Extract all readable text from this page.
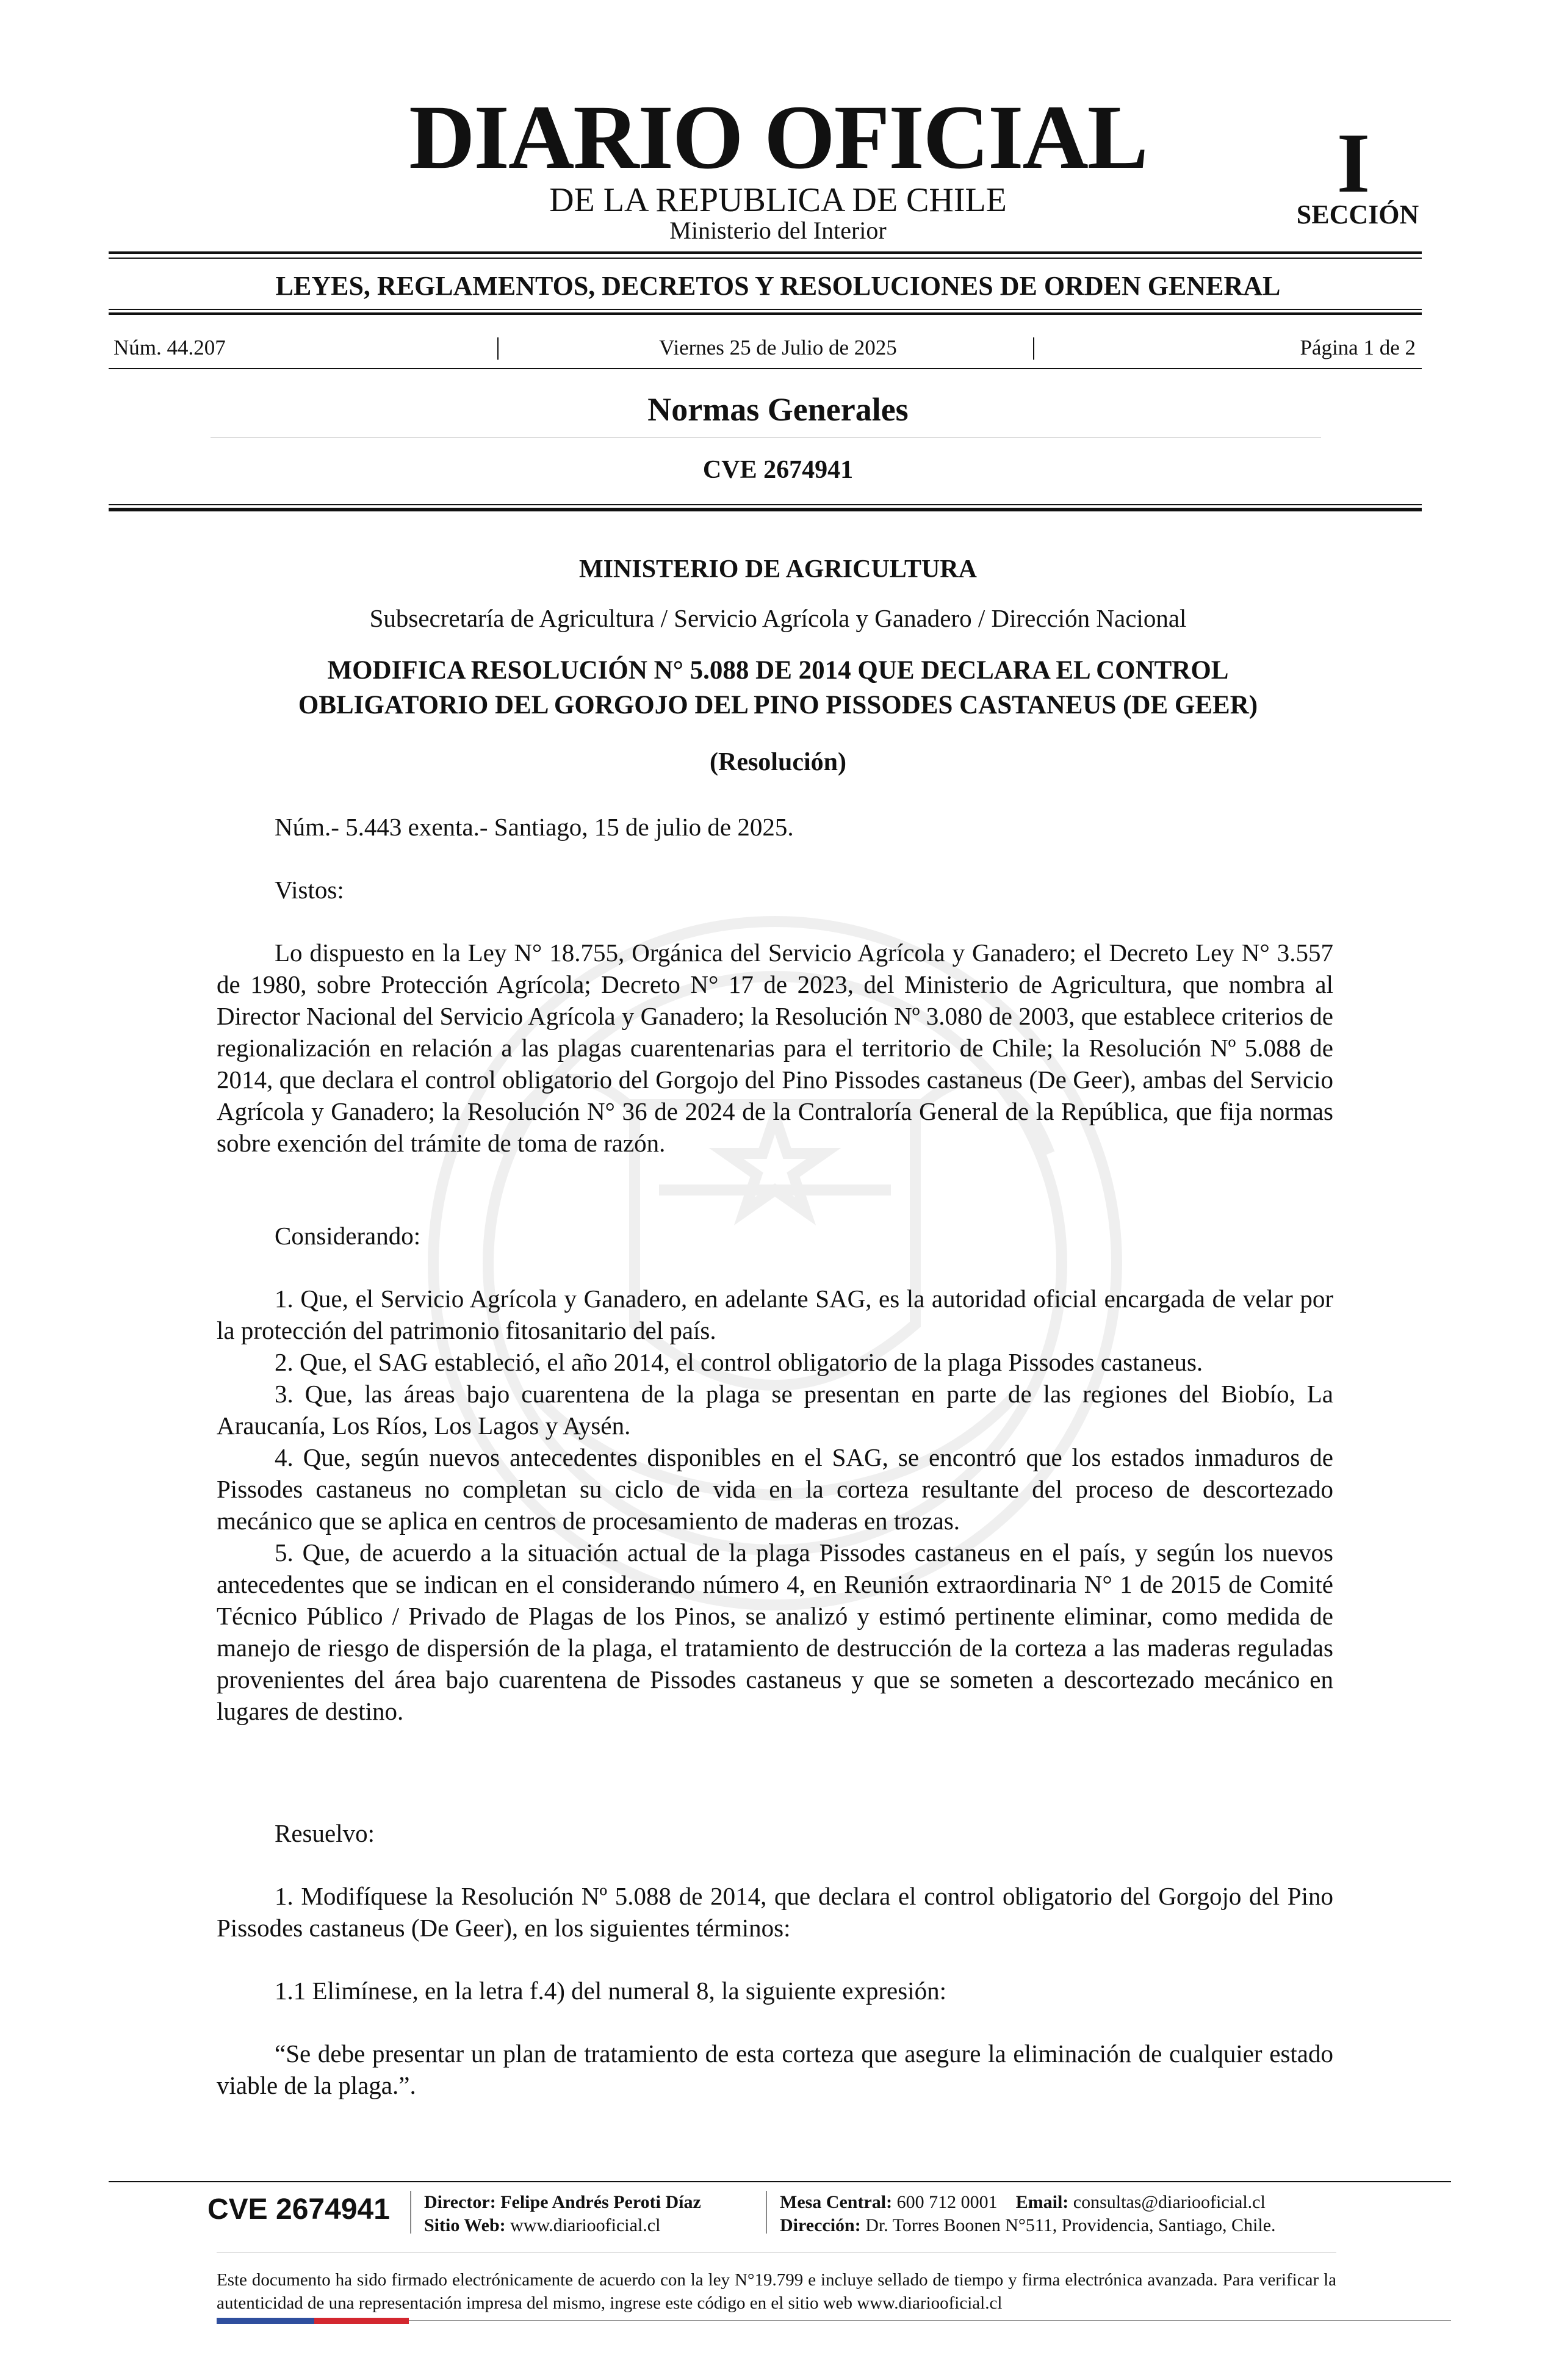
DIARIO OFICIAL
DE LA REPUBLICA DE CHILE
Ministerio del Interior
I
SECCIÓN
LEYES, REGLAMENTOS, DECRETOS Y RESOLUCIONES DE ORDEN GENERAL
Núm. 44.207	|	Viernes 25 de Julio de 2025	|	Página 1 de 2
Normas Generales
CVE 2674941
MINISTERIO DE AGRICULTURA
Subsecretaría de Agricultura / Servicio Agrícola y Ganadero / Dirección Nacional
MODIFICA RESOLUCIÓN N° 5.088 DE 2014 QUE DECLARA EL CONTROL
OBLIGATORIO DEL GORGOJO DEL PINO PISSODES CASTANEUS (DE GEER)
(Resolución)
Núm.- 5.443 exenta.- Santiago, 15 de julio de 2025.
Vistos:
Lo dispuesto en la Ley N° 18.755, Orgánica del Servicio Agrícola y Ganadero; el Decreto Ley N° 3.557 de 1980, sobre Protección Agrícola; Decreto N° 17 de 2023, del Ministerio de Agricultura, que nombra al Director Nacional del Servicio Agrícola y Ganadero; la Resolución Nº 3.080 de 2003, que establece criterios de regionalización en relación a las plagas cuarentenarias para el territorio de Chile; la Resolución Nº 5.088 de 2014, que declara el control obligatorio del Gorgojo del Pino Pissodes castaneus (De Geer), ambas del Servicio Agrícola y Ganadero; la Resolución N° 36 de 2024 de la Contraloría General de la República, que fija normas sobre exención del trámite de toma de razón.
Considerando:

1. Que, el Servicio Agrícola y Ganadero, en adelante SAG, es la autoridad oficial encargada de velar por la protección del patrimonio fitosanitario del país.

2. Que, el SAG estableció, el año 2014, el control obligatorio de la plaga Pissodes castaneus.

3. Que, las áreas bajo cuarentena de la plaga se presentan en parte de las regiones del Biobío, La Araucanía, Los Ríos, Los Lagos y Aysén.

4. Que, según nuevos antecedentes disponibles en el SAG, se encontró que los estados inmaduros de Pissodes castaneus no completan su ciclo de vida en la corteza resultante del proceso de descortezado mecánico que se aplica en centros de procesamiento de maderas en trozas.

5. Que, de acuerdo a la situación actual de la plaga Pissodes castaneus en el país, y según los nuevos antecedentes que se indican en el considerando número 4, en Reunión extraordinaria N° 1 de 2015 de Comité Técnico Público / Privado de Plagas de los Pinos, se analizó y estimó pertinente eliminar, como medida de manejo de riesgo de dispersión de la plaga, el tratamiento de destrucción de la corteza a las maderas reguladas provenientes del área bajo cuarentena de Pissodes castaneus y que se someten a descortezado mecánico en lugares de destino.

Resuelvo:
1. Modifíquese la Resolución Nº 5.088 de 2014, que declara el control obligatorio del Gorgojo del Pino Pissodes castaneus (De Geer), en los siguientes términos:
1.1 Elimínese, en la letra f.4) del numeral 8, la siguiente expresión:
“Se debe presentar un plan de tratamiento de esta corteza que asegure la eliminación de cualquier estado viable de la plaga.”.
CVE 2674941 Director: Felipe Andrés Peroti Díaz
Sitio Web: www.diariooficial.cl
Mesa Central: 600 712 0001 Email: consultas@diariooficial.cl
Dirección: Dr. Torres Boonen N°511, Providencia, Santiago, Chile.
Este documento ha sido firmado electrónicamente de acuerdo con la ley N°19.799 e incluye sellado de tiempo y firma electrónica avanzada. Para verificar la autenticidad de una representación impresa del mismo, ingrese este código en el sitio web www.diariooficial.cl
